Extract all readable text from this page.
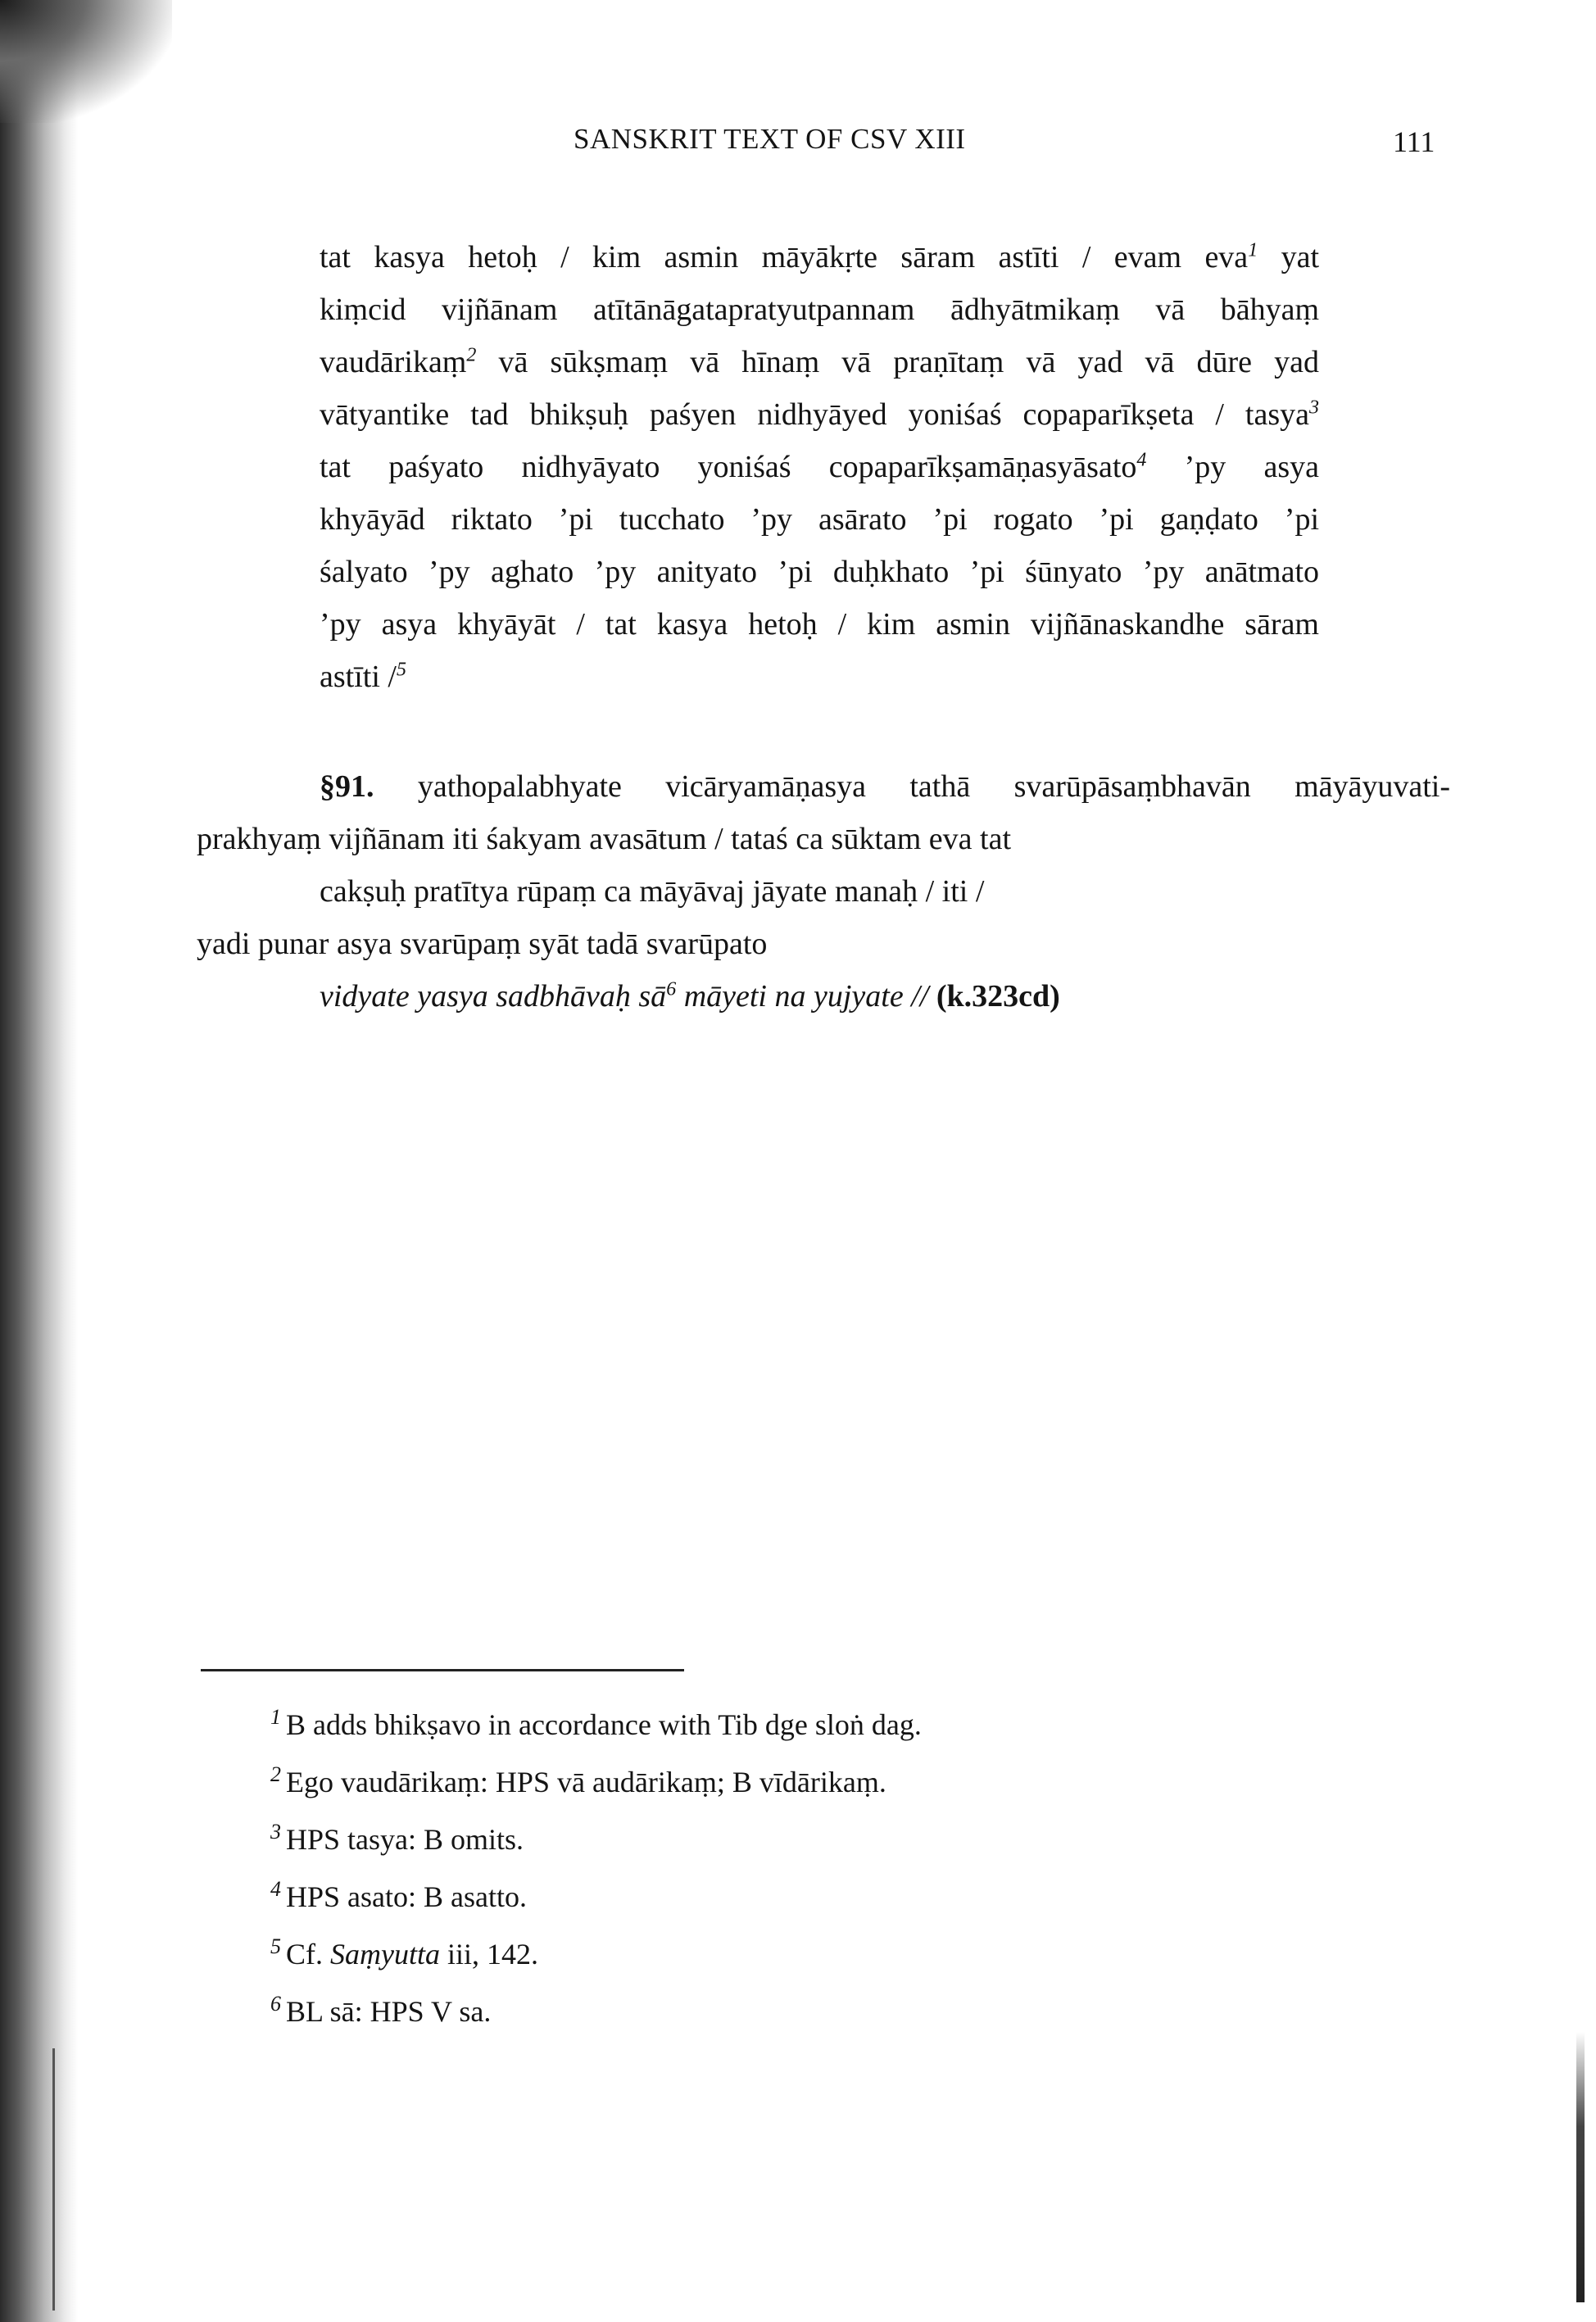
SANSKRIT TEXT OF CSV XIII	111
tat kasya hetoḥ / kim asmin māyākṛte sāram astīti / evam eva$^1$ yat
kiṃcid vijñānam atītānāgatapratyutpannam ādhyātmikaṃ vā bāhyaṃ
vaudārikaṃ$^2$ vā sūkṣmaṃ vā hīnaṃ vā praṇītaṃ vā yad vā dūre yad
vātyantike tad bhikṣuḥ paśyen nidhyāyed yoniśaś copaparīkṣeta / tasya$^3$
tat paśyato nidhyāyato yoniśaś copaparīkṣamāṇasyāsato$^4$ ’py asya
khyāyād riktato ’pi tucchato ’py asārato ’pi rogato ’pi gaṇḍato ’pi
śalyato ’py aghato ’py anityato ’pi duḥkhato ’pi śūnyato ’py anātmato
’py asya khyāyāt / tat kasya hetoḥ / kim asmin vijñānaskandhe sāram
astīti /$^5$
§91. yathopalabhyate vicāryamāṇasya tathā svarūpāsaṃbhavān māyāyuvati-
prakhyaṃ vijñānam iti śakyam avasātum / tataś ca sūktam eva tat
cakṣuḥ pratītya rūpaṃ ca māyāvaj jāyate manaḥ / iti /
yadi punar asya svarūpaṃ syāt tadā svarūpato
vidyate yasya sadbhāvaḥ $sā^6$ māyeti na yujyate // (k.323cd)
$^1$ B adds bhikṣavo in accordance with Tib dge sloṅ dag.
$^2$ Ego vaudārikaṃ: HPS vā audārikaṃ; B vīdārikaṃ.
$^3$ HPS tasya: B omits.
$^4$ HPS asato: B asatto.
$^5$ Cf. Saṃyutta iii, 142.
$^6$ BL sā: HPS V sa.
